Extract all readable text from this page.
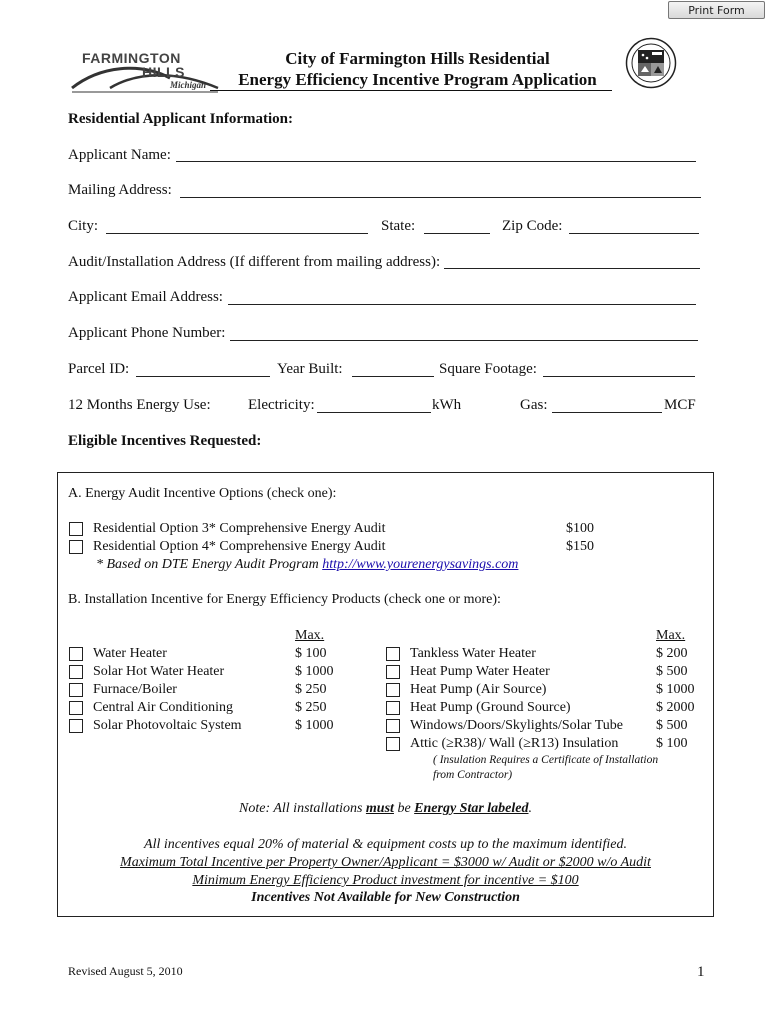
Print Form
FARMINGTON
HILLS
Michigan
City of Farmington Hills Residential
Energy Efficiency Incentive Program Application
Residential Applicant Information:
Applicant Name:
Mailing Address:
City:	State:	Zip Code:
Audit/Installation Address (If different from mailing address):
Applicant Email Address:
Applicant Phone Number:
Parcel ID:	Year Built:	Square Footage:
12 Months Energy Use: Electricity:	kWh	Gas:	MCF
Eligible Incentives Requested:
A. Energy Audit Incentive Options (check one):
Residential Option 3* Comprehensive Energy Audit	$100
Residential Option 4* Comprehensive Energy Audit	$150
* Based on DTE Energy Audit Program http://www.yourenergysavings.com
B. Installation Incentive for Energy Efficiency Products (check one or more):
Max.	Max.
Water Heater	$ 100
Solar Hot Water Heater	$ 1000
Furnace/Boiler	$ 250
Central Air Conditioning	$ 250
Solar Photovoltaic System	$ 1000
Tankless Water Heater	$ 200
Heat Pump Water Heater	$ 500
Heat Pump (Air Source)	$ 1000
Heat Pump (Ground Source)	$ 2000
Windows/Doors/Skylights/Solar Tube $ 500
Attic (≥R38)/ Wall (≥R13) Insulation	$ 100
( Insulation Requires a Certificate of Installation
from Contractor)
Note: All installations must be Energy Star labeled.
All incentives equal 20% of material & equipment costs up to the maximum identified.
Maximum Total Incentive per Property Owner/Applicant = $3000 w/ Audit or $2000 w/o Audit
Minimum Energy Efficiency Product investment for incentive = $100
Incentives Not Available for New Construction
Revised August 5, 2010	1
